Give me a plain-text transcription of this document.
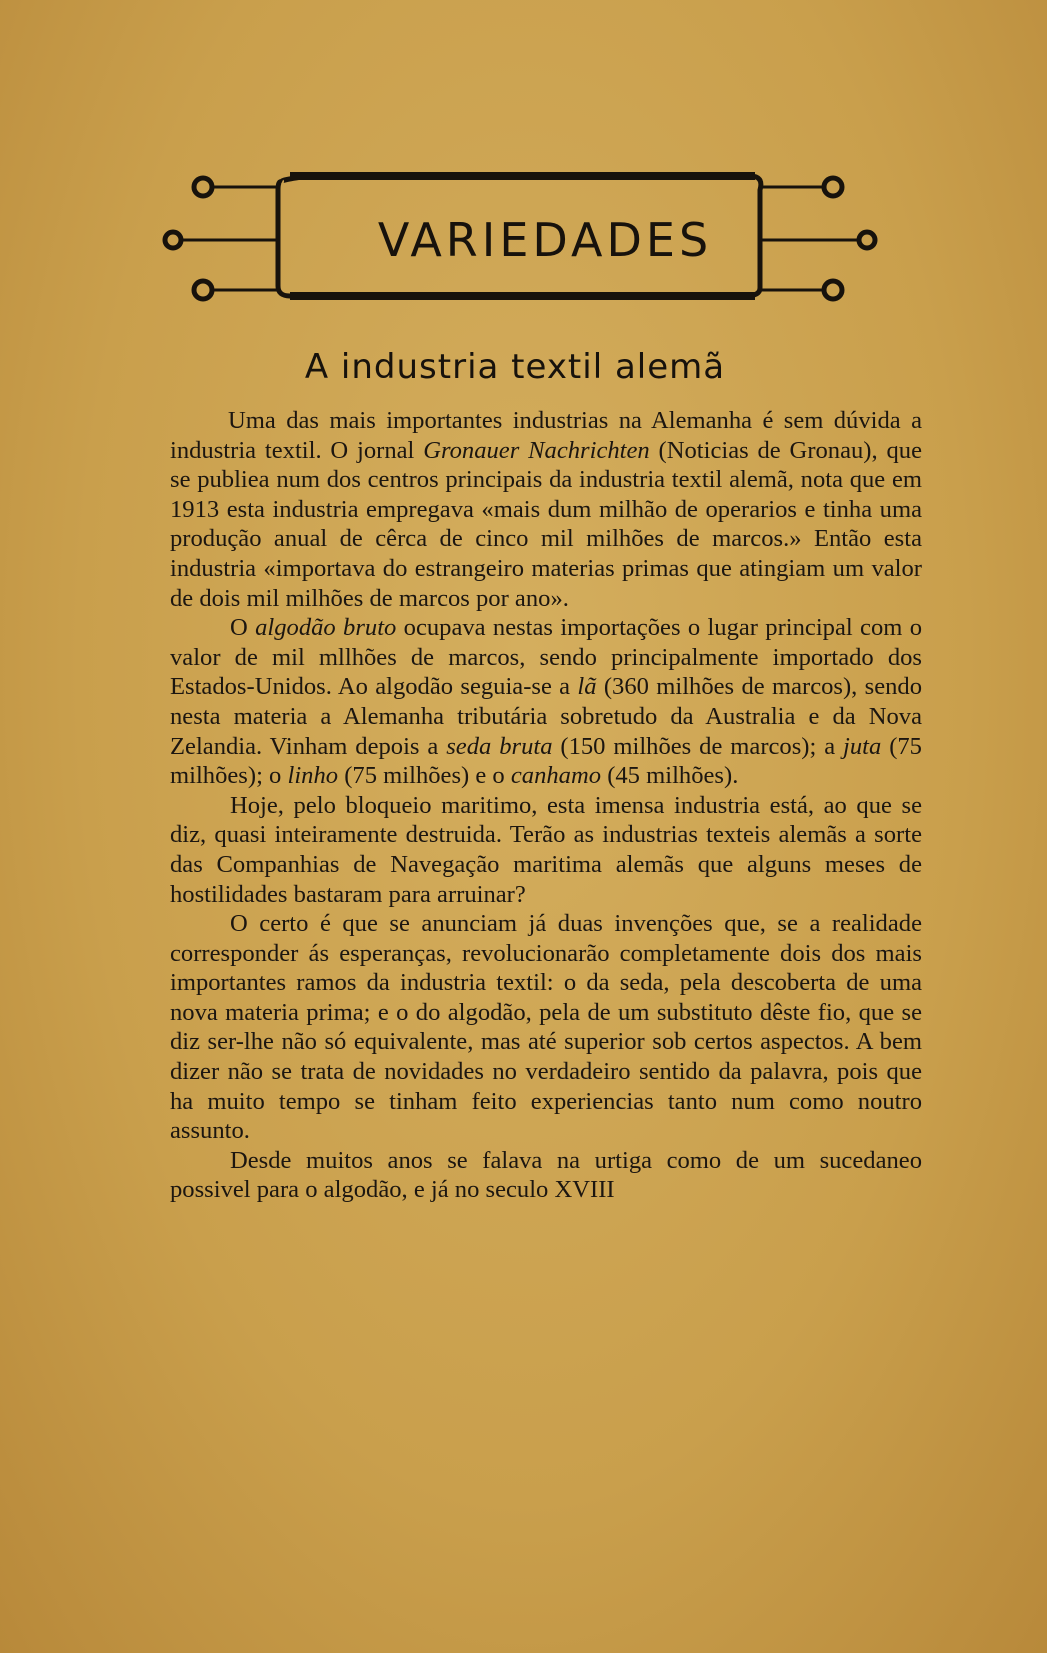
VARIEDADES
A industria textil alemã

Uma das mais importantes industrias na Alemanha é sem dúvida a industria textil. O jornal Gronauer Nachrichten (Noticias de Gronau), que se publiea num dos centros principais da industria textil alemã, nota que em 1913 esta industria empregava «mais dum milhão de operarios e tinha uma produção anual de cêrca de cinco mil milhões de marcos.» Então esta industria «importava do estrangeiro materias primas que atingiam um valor de dois mil milhões de marcos por ano».

O algodão bruto ocupava nestas importações o lugar principal com o valor de mil mllhões de marcos, sendo principalmente importado dos Estados-Unidos. Ao algodão seguia-se a lã (360 milhões de marcos), sendo nesta materia a Alemanha tributária sobretudo da Australia e da Nova Zelandia. Vinham depois a seda bruta (150 milhões de marcos); a juta (75 milhões); o linho (75 milhões) e o canhamo (45 milhões).

Hoje, pelo bloqueio maritimo, esta imensa industria está, ao que se diz, quasi inteiramente destruida. Terão as industrias texteis alemãs a sorte das Companhias de Navegação maritima alemãs que alguns meses de hostilidades bastaram para arruinar?

O certo é que se anunciam já duas invenções que, se a realidade corresponder ás esperanças, revolucionarão completamente dois dos mais importantes ramos da industria textil: o da seda, pela descoberta de uma nova materia prima; e o do algodão, pela de um substituto dêste fio, que se diz ser-lhe não só equivalente, mas até superior sob certos aspectos. A bem dizer não se trata de novidades no verdadeiro sentido da palavra, pois que ha muito tempo se tinham feito experiencias tanto num como noutro assunto.

Desde muitos anos se falava na urtiga como de um sucedaneo possivel para o algodão, e já no seculo XVIII
